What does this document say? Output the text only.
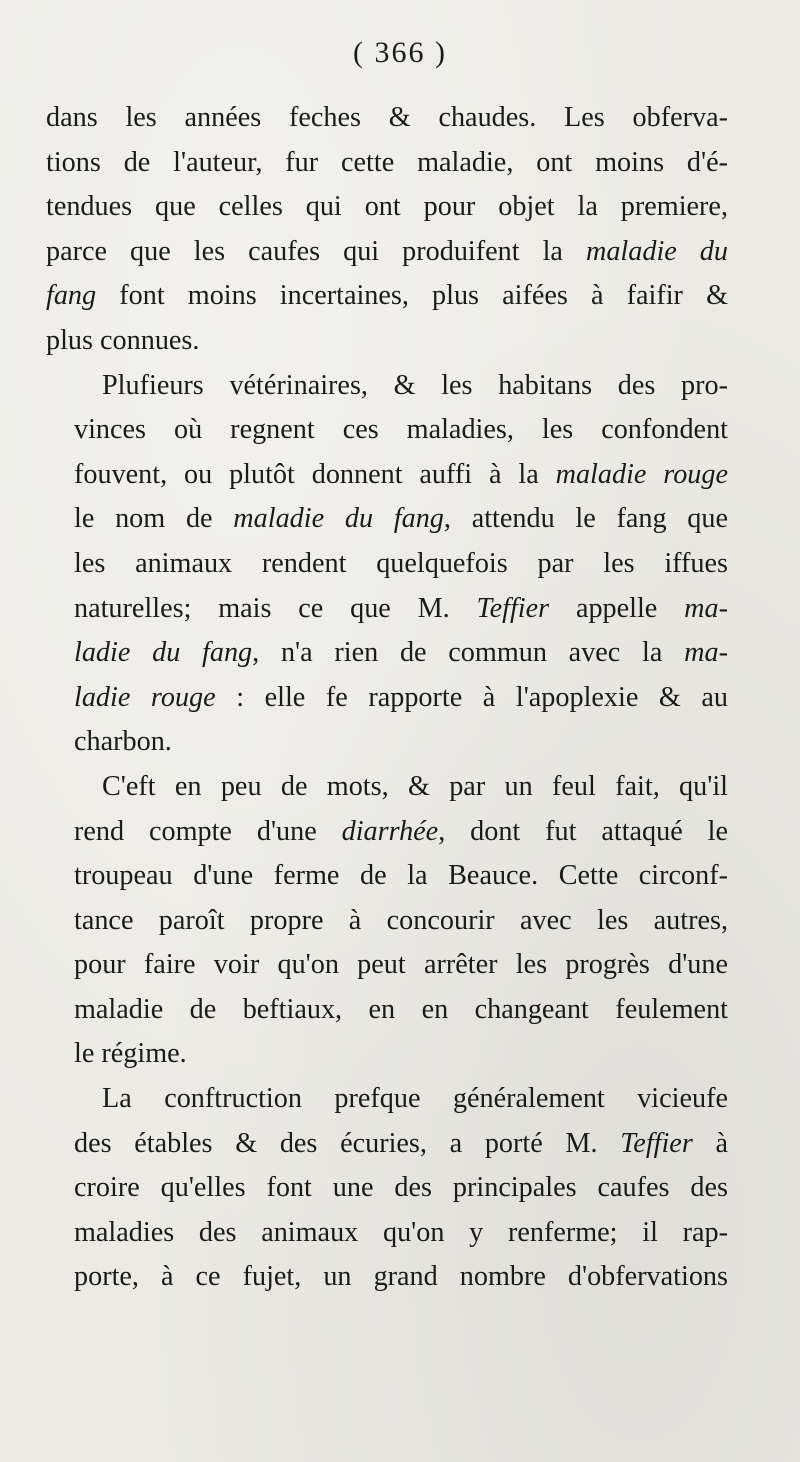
( 366 )
dans les années feches & chaudes. Les obferva-
tions de l'auteur, fur cette maladie, ont moins d'é-
tendues que celles qui ont pour objet la premiere,
parce que les caufes qui produifent la maladie du
fang font moins incertaines, plus aifées à faifir &
plus connues.
Plufieurs vétérinaires, & les habitans des pro-
vinces où regnent ces maladies, les confondent
fouvent, ou plutôt donnent auffi à la maladie rouge
le nom de maladie du fang, attendu le fang que
les animaux rendent quelquefois par les iffues
naturelles; mais ce que M. Teffier appelle ma-
ladie du fang, n'a rien de commun avec la ma-
ladie rouge : elle fe rapporte à l'apoplexie & au
charbon.
C'eft en peu de mots, & par un feul fait, qu'il
rend compte d'une diarrhée, dont fut attaqué le
troupeau d'une ferme de la Beauce. Cette circonf-
tance paroît propre à concourir avec les autres,
pour faire voir qu'on peut arrêter les progrès d'une
maladie de beftiaux, en en changeant feulement
le régime.
La conftruction prefque généralement vicieufe
des étables & des écuries, a porté M. Teffier à
croire qu'elles font une des principales caufes des
maladies des animaux qu'on y renferme; il rap-
porte, à ce fujet, un grand nombre d'obfervations
